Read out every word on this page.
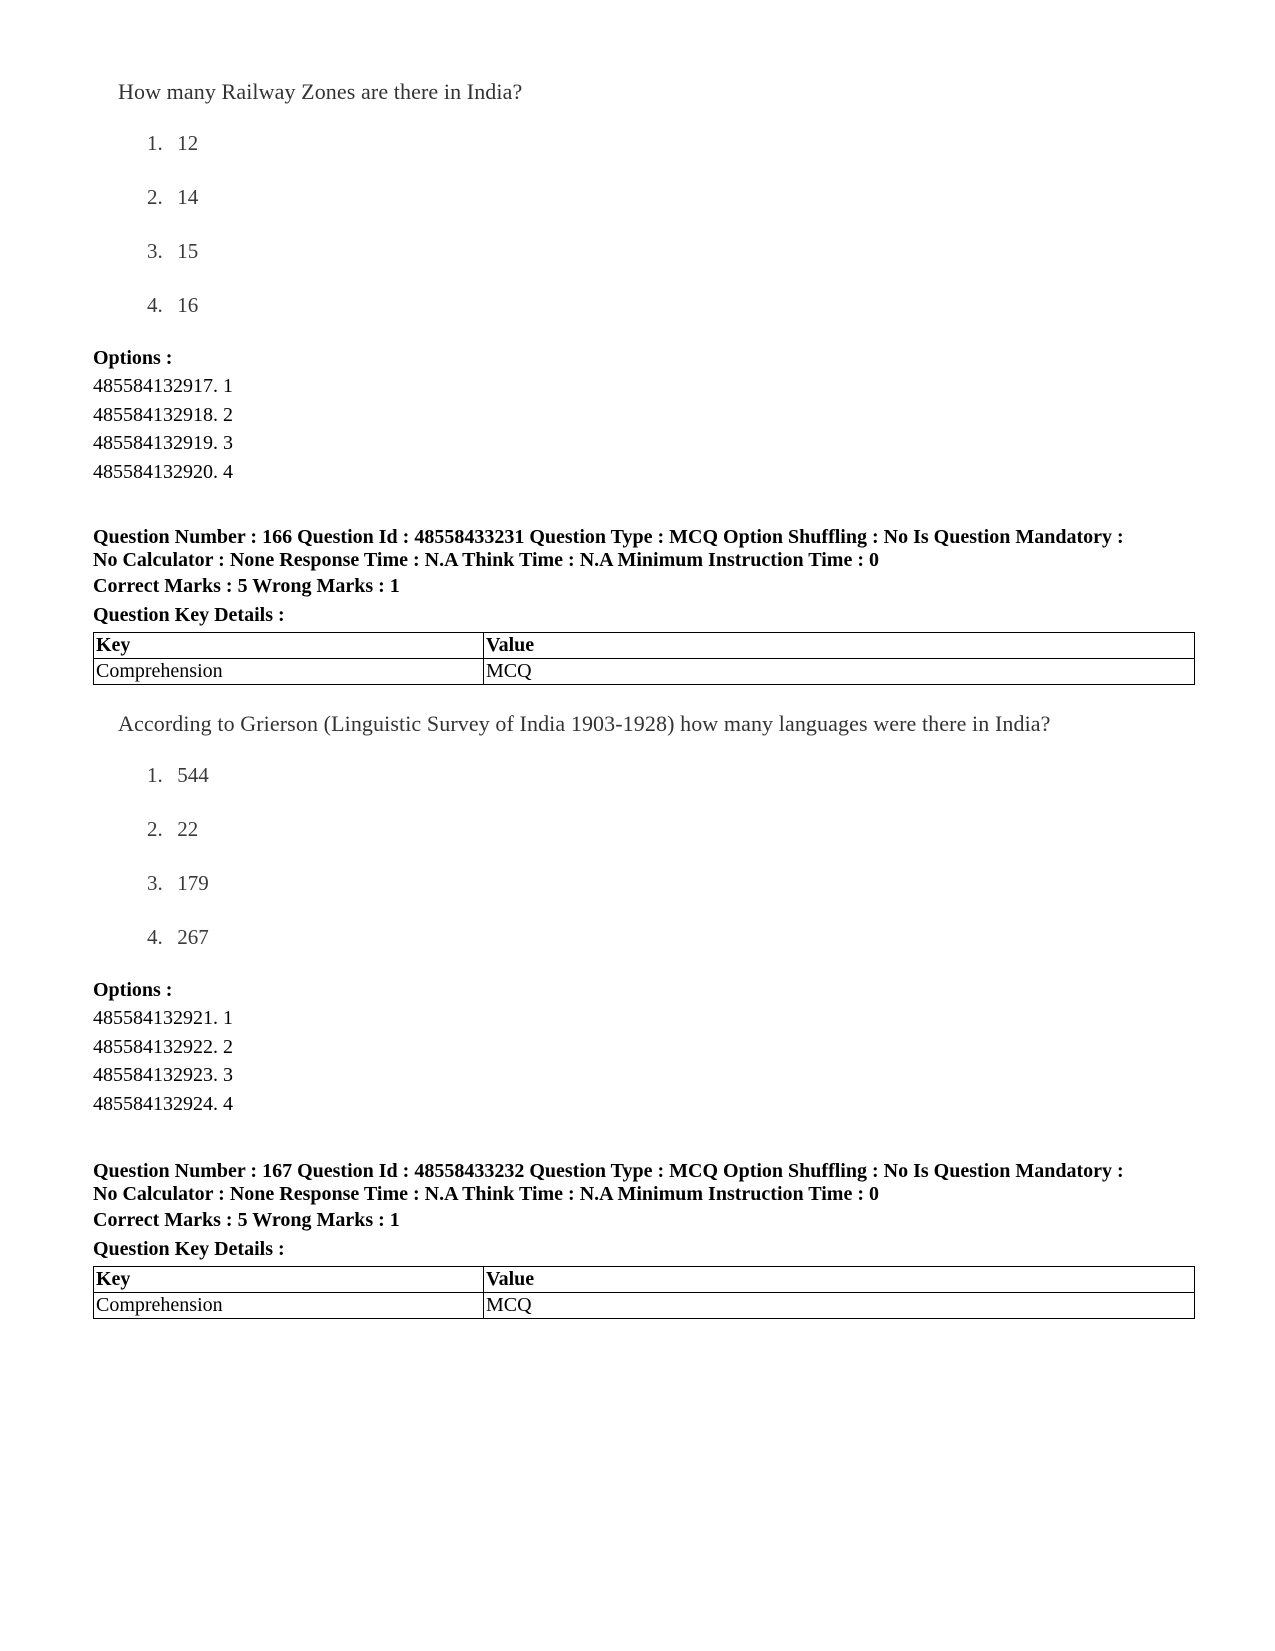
How many Railway Zones are there in India?

1. 12
2. 14
3. 15
4. 16

Options :

485584132917. 1

485584132918. 2

485584132919. 3

485584132920. 4

Question Number : 166 Question Id : 48558433231 Question Type : MCQ Option Shuffling : No Is Question Mandatory :

No Calculator : None Response Time : N.A Think Time : N.A Minimum Instruction Time : 0

Correct Marks : 5 Wrong Marks : 1

Question Key Details :

Key	Value
Comprehension	MCQ

According to Grierson (Linguistic Survey of India 1903-1928) how many languages were there in India?

1. 544
2. 22
3. 179
4. 267

Options :

485584132921. 1

485584132922. 2

485584132923. 3

485584132924. 4

Question Number : 167 Question Id : 48558433232 Question Type : MCQ Option Shuffling : No Is Question Mandatory :

No Calculator : None Response Time : N.A Think Time : N.A Minimum Instruction Time : 0

Correct Marks : 5 Wrong Marks : 1

Question Key Details :

Key	Value
Comprehension	MCQ
